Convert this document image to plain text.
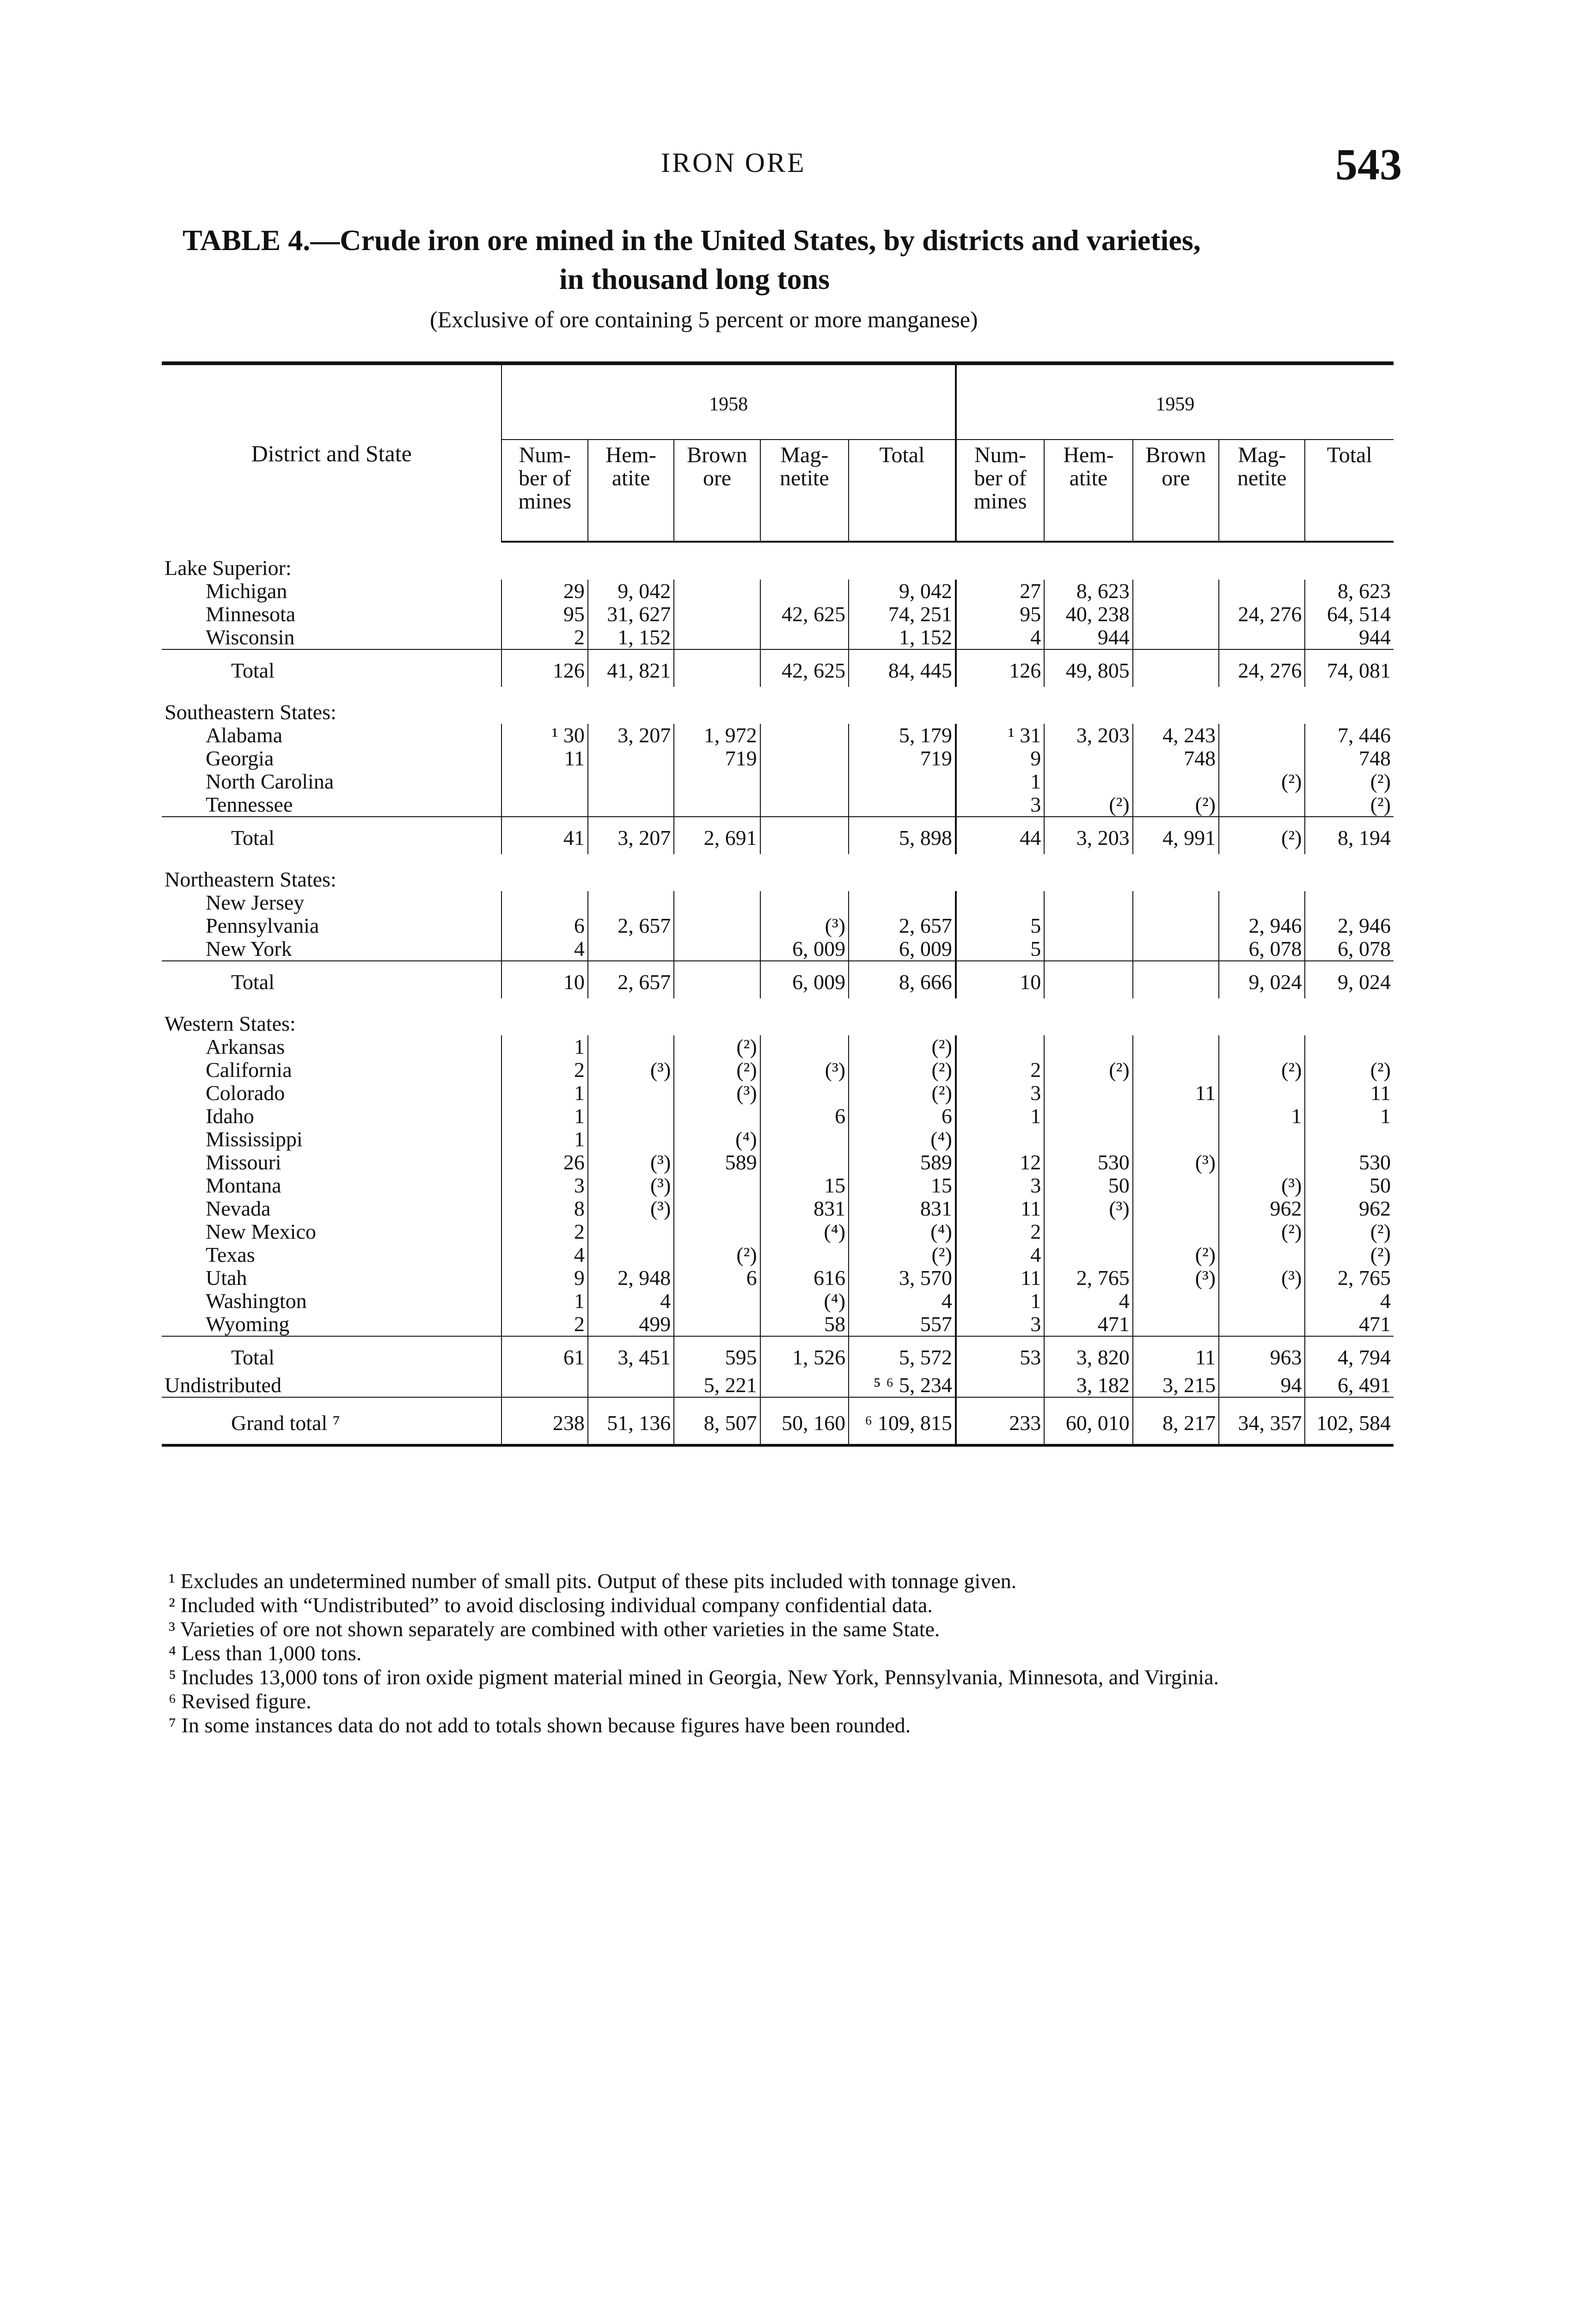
IRON ORE	543
TABLE 4.—Crude iron ore mined in the United States, by districts and varieties,
in thousand long tons
(Exclusive of ore containing 5 percent or more manganese)
District and State	1958					1959				
	Num- ber of mines	Hem- atite	Brown ore	Mag- netite	Total	Num- ber of mines	Hem- atite	Brown ore	Mag- netite	Total
Lake Superior:										
Michigan	29	9, 042			9, 042	27	8, 623			8, 623
Minnesota	95	31, 627		42, 625	74, 251	95	40, 238		24, 276	64, 514
Wisconsin	2	1, 152			1, 152	4	944			944
Total	126	41, 821		42, 625	84, 445	126	49, 805		24, 276	74, 081
Southeastern States:										
Alabama	¹ 30	3, 207	1, 972		5, 179	¹ 31	3, 203	4, 243		7, 446
Georgia	11		719		719	9		748		748
North Carolina						1			(²)	(²)
Tennessee						3	(²)	(²)		(²)
Total	41	3, 207	2, 691		5, 898	44	3, 203	4, 991	(²)	8, 194
Northeastern States:										
New Jersey										
Pennsylvania	6	2, 657		(³)	2, 657	5			2, 946	2, 946
New York	4			6, 009	6, 009	5			6, 078	6, 078
Total	10	2, 657		6, 009	8, 666	10			9, 024	9, 024
Western States:										
Arkansas	1		(²)		(²)					
California	2	(³)	(²)	(³)	(²)	2	(²)		(²)	(²)
Colorado	1		(³)		(²)	3		11		11
Idaho	1			6	6	1			1	1
Mississippi	1		(⁴)		(⁴)					
Missouri	26	(³)	589		589	12	530	(³)		530
Montana	3	(³)		15	15	3	50		(³)	50
Nevada	8	(³)		831	831	11	(³)		962	962
New Mexico	2			(⁴)	(⁴)	2			(²)	(²)
Texas	4		(²)		(²)	4		(²)		(²)
Utah	9	2, 948	6	616	3, 570	11	2, 765	(³)	(³)	2, 765
Washington	1	4		(⁴)	4	1	4			4
Wyoming	2	499		58	557	3	471			471
Total	61	3, 451	595	1, 526	5, 572	53	3, 820	11	963	4, 794
Undistributed			5, 221		⁵ ⁶ 5, 234		3, 182	3, 215	94	6, 491
Grand total ⁷	238	51, 136	8, 507	50, 160	⁶ 109, 815	233	60, 010	8, 217	34, 357	102, 584
¹ Excludes an undetermined number of small pits. Output of these pits included with tonnage given.
² Included with “Undistributed” to avoid disclosing individual company confidential data.
³ Varieties of ore not shown separately are combined with other varieties in the same State.
⁴ Less than 1,000 tons.
⁵ Includes 13,000 tons of iron oxide pigment material mined in Georgia, New York, Pennsylvania, Minnesota, and Virginia.
⁶ Revised figure.
⁷ In some instances data do not add to totals shown because figures have been rounded.
